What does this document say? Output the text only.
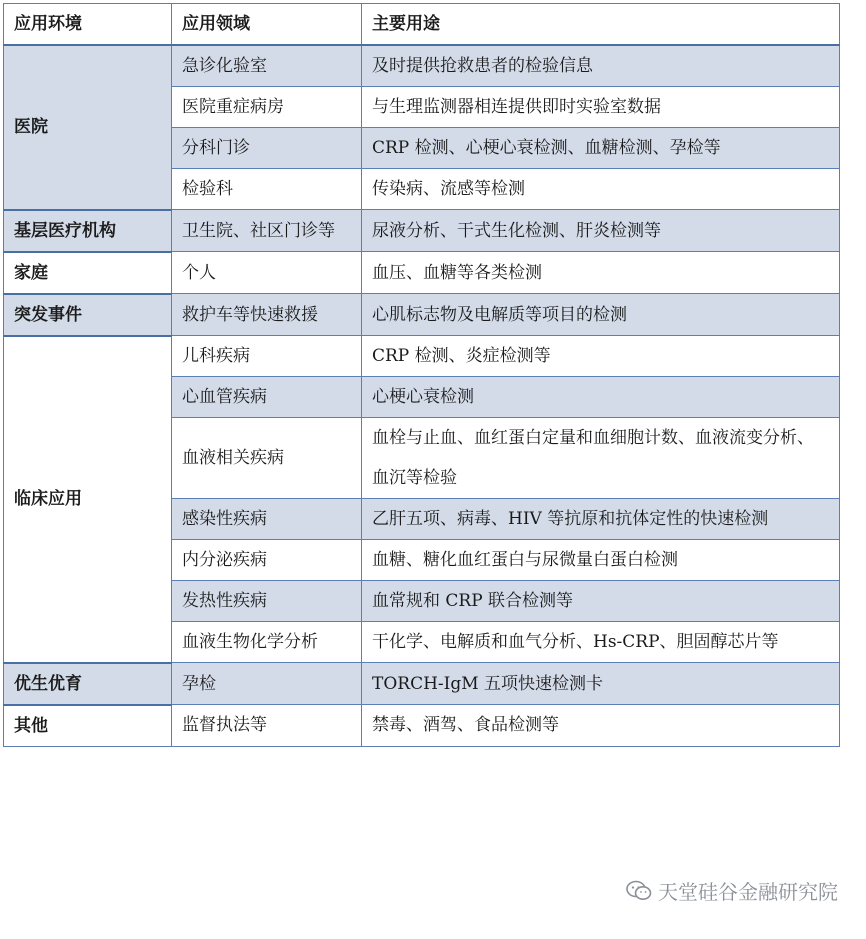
应用环境	应用领域	主要用途
医院	急诊化验室	及时提供抢救患者的检验信息
	医院重症病房	与生理监测器相连提供即时实验室数据
	分科门诊	CRP 检测、心梗心衰检测、血糖检测、孕检等
	检验科	传染病、流感等检测
基层医疗机构	卫生院、社区门诊等	尿液分析、干式生化检测、肝炎检测等
家庭	个人	血压、血糖等各类检测
突发事件	救护车等快速救援	心肌标志物及电解质等项目的检测
临床应用	儿科疾病	CRP 检测、炎症检测等
	心血管疾病	心梗心衰检测
	血液相关疾病	血栓与止血、血红蛋白定量和血细胞计数、血液流变分析、血沉等检验
	感染性疾病	乙肝五项、病毒、HIV 等抗原和抗体定性的快速检测
	内分泌疾病	血糖、糖化血红蛋白与尿微量白蛋白检测
	发热性疾病	血常规和 CRP 联合检测等
	血液生物化学分析	干化学、电解质和血气分析、Hs-CRP、胆固醇芯片等
优生优育	孕检	TORCH-IgM 五项快速检测卡
其他	监督执法等	禁毒、酒驾、食品检测等
天堂硅谷金融研究院
